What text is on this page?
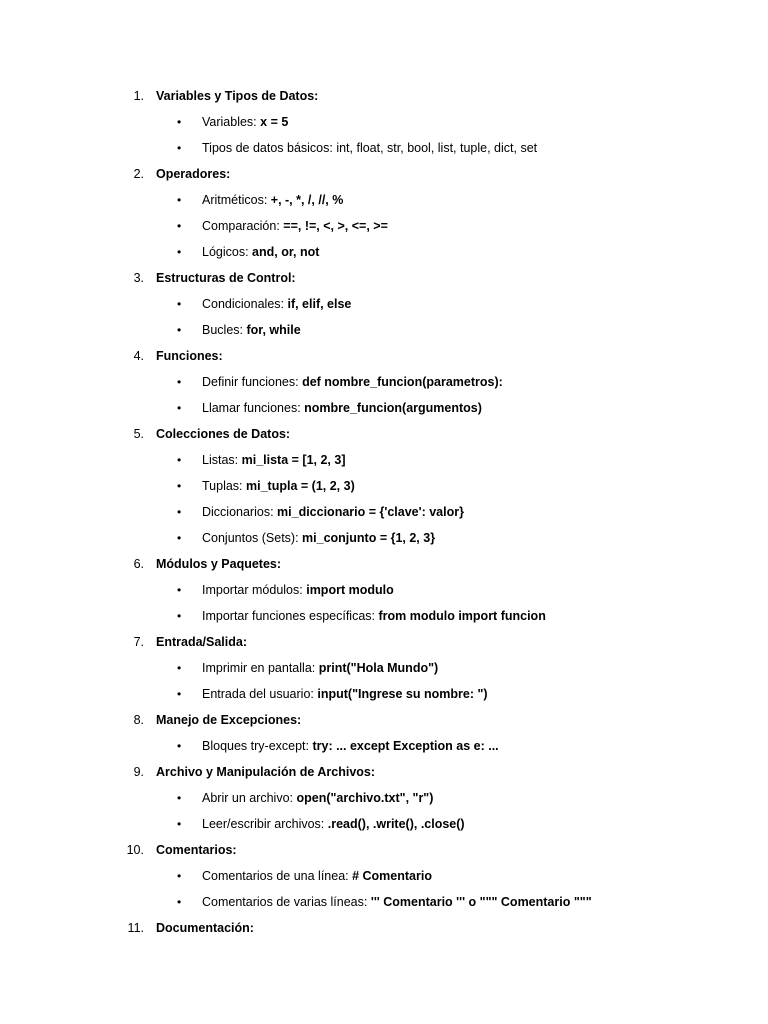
1. Variables y Tipos de Datos:
• Variables: x = 5
• Tipos de datos básicos: int, float, str, bool, list, tuple, dict, set
2. Operadores:
• Aritméticos: +, -, *, /, //, %
• Comparación: ==, !=, <, >, <=, >=
• Lógicos: and, or, not
3. Estructuras de Control:
• Condicionales: if, elif, else
• Bucles: for, while
4. Funciones:
• Definir funciones: def nombre_funcion(parametros):
• Llamar funciones: nombre_funcion(argumentos)
5. Colecciones de Datos:
• Listas: mi_lista = [1, 2, 3]
• Tuplas: mi_tupla = (1, 2, 3)
• Diccionarios: mi_diccionario = {'clave': valor}
• Conjuntos (Sets): mi_conjunto = {1, 2, 3}
6. Módulos y Paquetes:
• Importar módulos: import modulo
• Importar funciones específicas: from modulo import funcion
7. Entrada/Salida:
• Imprimir en pantalla: print("Hola Mundo")
• Entrada del usuario: input("Ingrese su nombre: ")
8. Manejo de Excepciones:
• Bloques try-except: try: ... except Exception as e: ...
9. Archivo y Manipulación de Archivos:
• Abrir un archivo: open("archivo.txt", "r")
• Leer/escribir archivos: .read(), .write(), .close()
10. Comentarios:
• Comentarios de una línea: # Comentario
• Comentarios de varias líneas: ''' Comentario ''' o """ Comentario """
11. Documentación:
